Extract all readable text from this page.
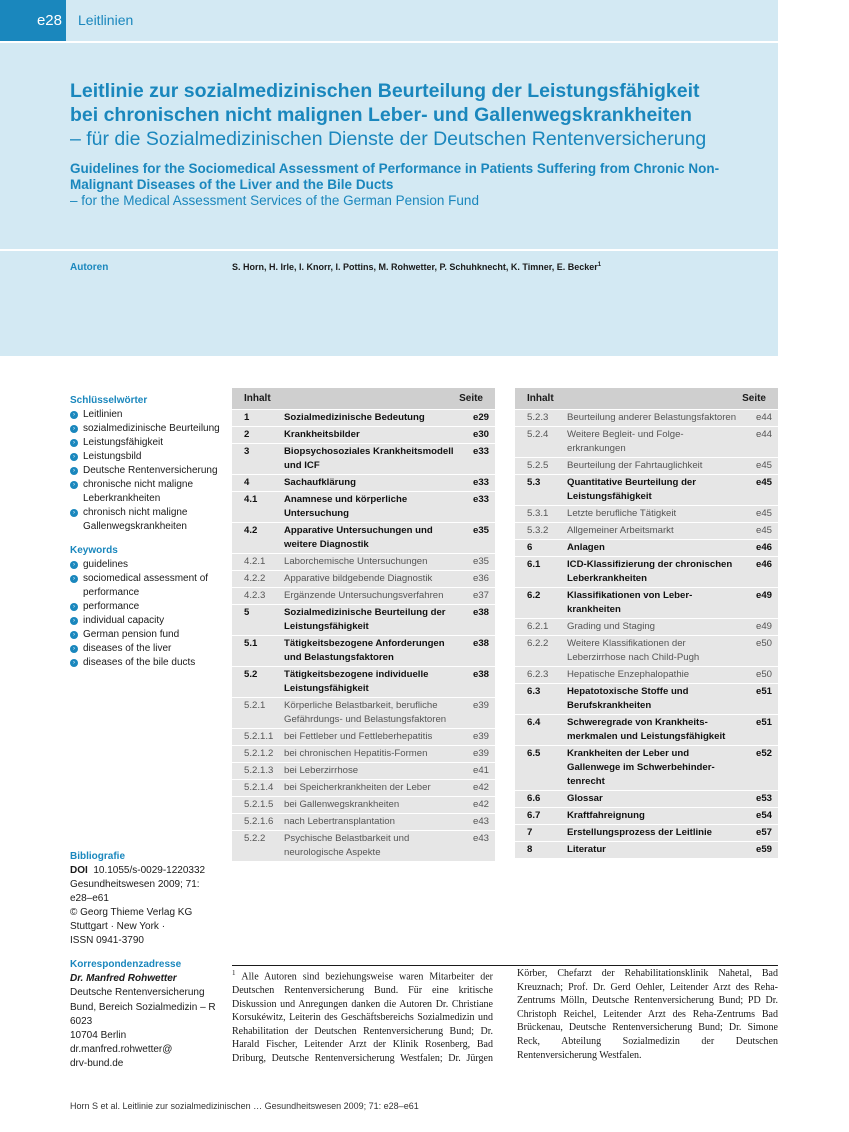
e28 Leitlinien
Leitlinie zur sozialmedizinischen Beurteilung der Leistungsfähigkeit
bei chronischen nicht malignen Leber- und Gallenwegskrankheiten
– für die Sozialmedizinischen Dienste der Deutschen Rentenversicherung
Guidelines for the Sociomedical Assessment of Performance in Patients Suffering from Chronic Non-Malignant Diseases of the Liver and the Bile Ducts
– for the Medical Assessment Services of the German Pension Fund
Autoren	S. Horn, H. Irle, I. Knorr, I. Pottins, M. Rohwetter, P. Schuhknecht, K. Timner, E. Becker$^1$
Schlüsselwörter
› Leitlinien
› sozialmedizinische Beurteilung
› Leistungsfähigkeit
› Leistungsbild
› Deutsche Rentenversicherung
› chronische nicht maligne Leberkrankheiten
› chronisch nicht maligne Gallenwegskrankheiten
Keywords
› guidelines
› sociomedical assessment of performance
› performance
› individual capacity
› German pension fund
› diseases of the liver
› diseases of the bile ducts
Bibliografie
DOI 10.1055/s-0029-1220332
Gesundheitswesen 2009; 71: e28–e61
© Georg Thieme Verlag KG Stuttgart · New York ·
ISSN 0941-3790
Korrespondenzadresse
Dr. Manfred Rohwetter
Deutsche Rentenversicherung Bund, Bereich Sozialmedizin – R 6023
10704 Berlin
dr.manfred.rohwetter@
drv-bund.de
Inhalt	Seite
1	Sozialmedizinische Bedeutung	e29
2	Krankheitsbilder	e30
3	Biopsychosoziales Krankheitsmodell und ICF
e33
4	Sachaufklärung	e33
4.1	Anamnese und körperliche Untersuchung
e33
4.2	Apparative Untersuchungen und weitere Diagnostik
e35
4.2.1	Laborchemische Untersuchungen	e35
4.2.2	Apparative bildgebende Diagnostik	e36
4.2.3	Ergänzende Untersuchungsverfahren	e37
5	Sozialmedizinische Beurteilung der Leistungsfähigkeit
e38
5.1	Tätigkeitsbezogene Anforderungen und Belastungsfaktoren
e38
5.2	Tätigkeitsbezogene individuelle Leistungsfähigkeit
e38
5.2.1	Körperliche Belastbarkeit, berufliche Gefährdungs- und Belastungsfaktoren
e39
5.2.1.1	bei Fettleber und Fettleberhepatitis	e39
5.2.1.2	bei chronischen Hepatitis-Formen	e39
5.2.1.3	bei Leberzirrhose	e41
5.2.1.4	bei Speicherkrankheiten der Leber	e42
5.2.1.5	bei Gallenwegskrankheiten	e42
5.2.1.6	nach Lebertransplantation	e43
5.2.2	Psychische Belastbarkeit und neurologische Aspekte
e43
Inhalt	Seite
5.2.3	Beurteilung anderer Belastungsfaktoren	e44
5.2.4	Weitere Begleit- und Folgeerkrankungen
e44
5.2.5	Beurteilung der Fahrtauglichkeit	e45
5.3	Quantitative Beurteilung der Leistungsfähigkeit
e45
5.3.1	Letzte berufliche Tätigkeit	e45
5.3.2	Allgemeiner Arbeitsmarkt	e45
6	Anlagen	e46
6.1	ICD-Klassifizierung der chronischen Leberkrankheiten
e46
6.2	Klassifikationen von Leberkrankheiten
e49
6.2.1	Grading und Staging	e49
6.2.2	Weitere Klassifikationen der Leberzirrhose nach Child-Pugh
e50
6.2.3	Hepatische Enzephalopathie	e50
6.3	Hepatotoxische Stoffe und Berufskrankheiten
e51
6.4	Schweregrade von Krankheitsmerkmalen und Leistungsfähigkeit
e51
6.5	Krankheiten der Leber und Gallenwege im Schwerbehindertenrecht
e52
6.6	Glossar	e53
6.7	Kraftfahreignung	e54
7	Erstellungsprozess der Leitlinie	e57
8	Literatur	e59
$^1$ Alle Autoren sind beziehungsweise waren Mitarbeiter der Deutschen Rentenversicherung Bund. Für eine kritische Diskussion und Anregungen danken die Autoren Dr. Christiane Korsukéwitz, Leiterin des Geschäftsbereichs Sozialmedizin und Rehabilitation der Deutschen Rentenversicherung Bund; Dr. Harald Fischer, Leitender Arzt der Klinik Rosenberg, Bad Driburg, Deutsche Rentenversicherung Westfalen; Dr. Jürgen Körber, Chefarzt der Rehabilitationsklinik Nahetal, Bad Kreuznach; Prof. Dr. Gerd Oehler, Leitender Arzt des Reha-Zentrums Mölln, Deutsche Rentenversicherung Bund; PD Dr. Christoph Reichel, Leitender Arzt des Reha-Zentrums Bad Brückenau, Deutsche Rentenversicherung Bund; Dr. Simone Reck, Abteilung Sozialmedizin der Deutschen Rentenversicherung Westfalen.
Horn S et al. Leitlinie zur sozialmedizinischen … Gesundheitswesen 2009; 71: e28–e61
